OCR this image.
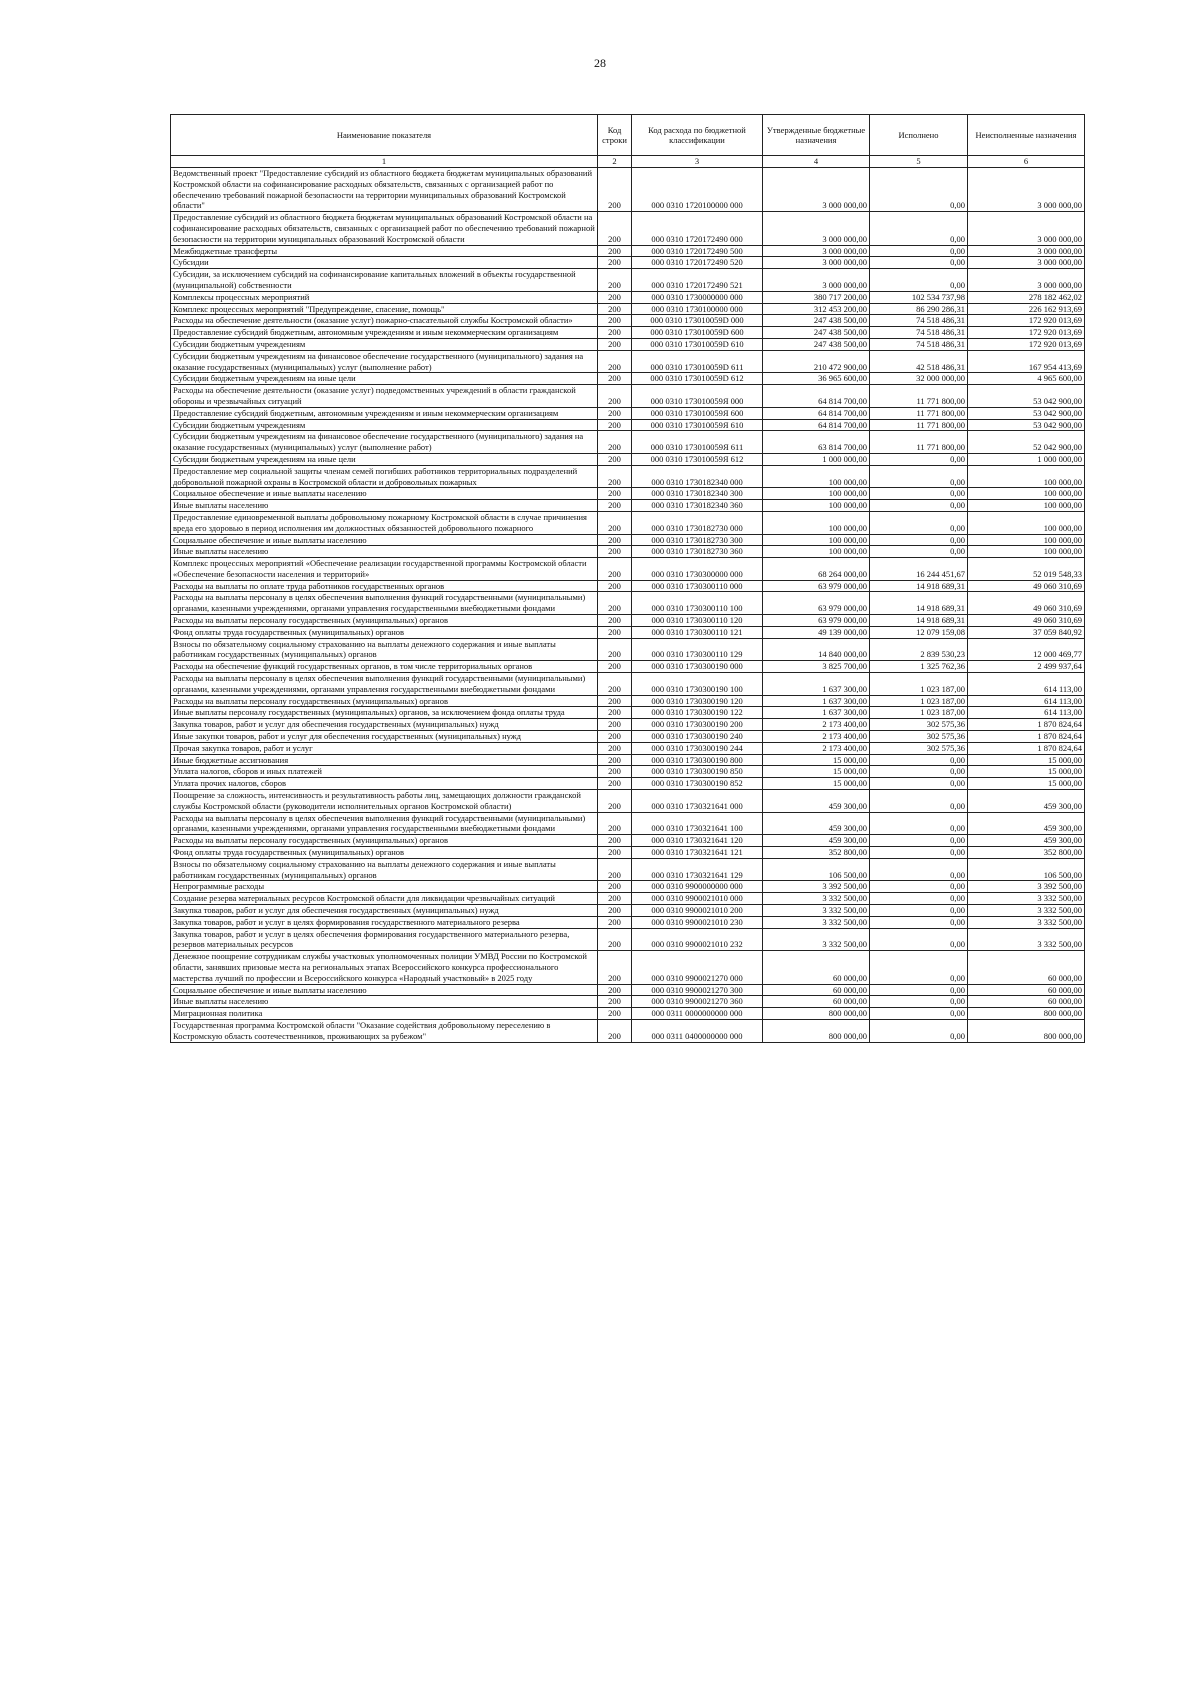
28
Наименование показателя	Код строки	Код расхода по бюджетной классификации	Утвержденные бюджетные назначения	Исполнено	Неисполненные назначения
1	2	3	4	5	6
Ведомственный проект "Предоставление субсидий из областного бюджета бюджетам муниципальных образований Костромской области на софинансирование расходных обязательств, связанных с организацией работ по обеспечению требований пожарной безопасности на территории муниципальных образований Костромской области"	200	000 0310 1720100000 000	3 000 000,00	0,00	3 000 000,00
Предоставление субсидий из областного бюджета бюджетам муниципальных образований Костромской области на софинансирование расходных обязательств, связанных с организацией работ по обеспечению требований пожарной безопасности на территории муниципальных образований Костромской области	200	000 0310 1720172490 000	3 000 000,00	0,00	3 000 000,00
Межбюджетные трансферты	200	000 0310 1720172490 500	3 000 000,00	0,00	3 000 000,00
Субсидии	200	000 0310 1720172490 520	3 000 000,00	0,00	3 000 000,00
Субсидии, за исключением субсидий на софинансирование капитальных вложений в объекты государственной (муниципальной) собственности	200	000 0310 1720172490 521	3 000 000,00	0,00	3 000 000,00
Комплексы процессных мероприятий	200	000 0310 1730000000 000	380 717 200,00	102 534 737,98	278 182 462,02
Комплекс процессных мероприятий "Предупреждение, спасение, помощь"	200	000 0310 1730100000 000	312 453 200,00	86 290 286,31	226 162 913,69
Расходы на обеспечение деятельности (оказание услуг) пожарно-спасательной службы Костромской области»	200	000 0310 173010059D 000	247 438 500,00	74 518 486,31	172 920 013,69
Предоставление субсидий бюджетным, автономным учреждениям и иным некоммерческим организациям	200	000 0310 173010059D 600	247 438 500,00	74 518 486,31	172 920 013,69
Субсидии бюджетным учреждениям	200	000 0310 173010059D 610	247 438 500,00	74 518 486,31	172 920 013,69
Субсидии бюджетным учреждениям на финансовое обеспечение государственного (муниципального) задания на оказание государственных (муниципальных) услуг (выполнение работ)	200	000 0310 173010059D 611	210 472 900,00	42 518 486,31	167 954 413,69
Субсидии бюджетным учреждениям на иные цели	200	000 0310 173010059D 612	36 965 600,00	32 000 000,00	4 965 600,00
Расходы на обеспечение деятельности (оказание услуг) подведомственных учреждений в области гражданской обороны и чрезвычайных ситуаций	200	000 0310 173010059Я 000	64 814 700,00	11 771 800,00	53 042 900,00
Предоставление субсидий бюджетным, автономным учреждениям и иным некоммерческим организациям	200	000 0310 173010059Я 600	64 814 700,00	11 771 800,00	53 042 900,00
Субсидии бюджетным учреждениям	200	000 0310 173010059Я 610	64 814 700,00	11 771 800,00	53 042 900,00
Субсидии бюджетным учреждениям на финансовое обеспечение государственного (муниципального) задания на оказание государственных (муниципальных) услуг (выполнение работ)	200	000 0310 173010059Я 611	63 814 700,00	11 771 800,00	52 042 900,00
Субсидии бюджетным учреждениям на иные цели	200	000 0310 173010059Я 612	1 000 000,00	0,00	1 000 000,00
Предоставление мер социальной защиты членам семей погибших работников территориальных подразделений добровольной пожарной охраны в Костромской области и добровольных пожарных	200	000 0310 1730182340 000	100 000,00	0,00	100 000,00
Социальное обеспечение и иные выплаты населению	200	000 0310 1730182340 300	100 000,00	0,00	100 000,00
Иные выплаты населению	200	000 0310 1730182340 360	100 000,00	0,00	100 000,00
Предоставление единовременной выплаты добровольному пожарному Костромской области в случае причинения вреда его здоровью в период исполнения им должностных обязанностей добровольного пожарного	200	000 0310 1730182730 000	100 000,00	0,00	100 000,00
Социальное обеспечение и иные выплаты населению	200	000 0310 1730182730 300	100 000,00	0,00	100 000,00
Иные выплаты населению	200	000 0310 1730182730 360	100 000,00	0,00	100 000,00
Комплекс процессных мероприятий «Обеспечение реализации государственной программы Костромской области «Обеспечение безопасности населения и территорий»	200	000 0310 1730300000 000	68 264 000,00	16 244 451,67	52 019 548,33
Расходы на выплаты по оплате труда работников государственных органов	200	000 0310 1730300110 000	63 979 000,00	14 918 689,31	49 060 310,69
Расходы на выплаты персоналу в целях обеспечения выполнения функций государственными (муниципальными) органами, казенными учреждениями, органами управления государственными внебюджетными фондами	200	000 0310 1730300110 100	63 979 000,00	14 918 689,31	49 060 310,69
Расходы на выплаты персоналу государственных (муниципальных) органов	200	000 0310 1730300110 120	63 979 000,00	14 918 689,31	49 060 310,69
Фонд оплаты труда государственных (муниципальных) органов	200	000 0310 1730300110 121	49 139 000,00	12 079 159,08	37 059 840,92
Взносы по обязательному социальному страхованию на выплаты денежного содержания и иные выплаты работникам государственных (муниципальных) органов	200	000 0310 1730300110 129	14 840 000,00	2 839 530,23	12 000 469,77
Расходы на обеспечение функций государственных органов, в том числе территориальных органов	200	000 0310 1730300190 000	3 825 700,00	1 325 762,36	2 499 937,64
Расходы на выплаты персоналу в целях обеспечения выполнения функций государственными (муниципальными) органами, казенными учреждениями, органами управления государственными внебюджетными фондами	200	000 0310 1730300190 100	1 637 300,00	1 023 187,00	614 113,00
Расходы на выплаты персоналу государственных (муниципальных) органов	200	000 0310 1730300190 120	1 637 300,00	1 023 187,00	614 113,00
Иные выплаты персоналу государственных (муниципальных) органов, за исключением фонда оплаты труда	200	000 0310 1730300190 122	1 637 300,00	1 023 187,00	614 113,00
Закупка товаров, работ и услуг для обеспечения государственных (муниципальных) нужд	200	000 0310 1730300190 200	2 173 400,00	302 575,36	1 870 824,64
Иные закупки товаров, работ и услуг для обеспечения государственных (муниципальных) нужд	200	000 0310 1730300190 240	2 173 400,00	302 575,36	1 870 824,64
Прочая закупка товаров, работ и услуг	200	000 0310 1730300190 244	2 173 400,00	302 575,36	1 870 824,64
Иные бюджетные ассигнования	200	000 0310 1730300190 800	15 000,00	0,00	15 000,00
Уплата налогов, сборов и иных платежей	200	000 0310 1730300190 850	15 000,00	0,00	15 000,00
Уплата прочих налогов, сборов	200	000 0310 1730300190 852	15 000,00	0,00	15 000,00
Поощрение за сложность, интенсивность и результативность работы лиц, замещающих должности гражданской службы Костромской области (руководители исполнительных органов Костромской области)	200	000 0310 1730321641 000	459 300,00	0,00	459 300,00
Расходы на выплаты персоналу в целях обеспечения выполнения функций государственными (муниципальными) органами, казенными учреждениями, органами управления государственными внебюджетными фондами	200	000 0310 1730321641 100	459 300,00	0,00	459 300,00
Расходы на выплаты персоналу государственных (муниципальных) органов	200	000 0310 1730321641 120	459 300,00	0,00	459 300,00
Фонд оплаты труда государственных (муниципальных) органов	200	000 0310 1730321641 121	352 800,00	0,00	352 800,00
Взносы по обязательному социальному страхованию на выплаты денежного содержания и иные выплаты работникам государственных (муниципальных) органов	200	000 0310 1730321641 129	106 500,00	0,00	106 500,00
Непрограммные расходы	200	000 0310 9900000000 000	3 392 500,00	0,00	3 392 500,00
Создание резерва материальных ресурсов Костромской области для ликвидации чрезвычайных ситуаций	200	000 0310 9900021010 000	3 332 500,00	0,00	3 332 500,00
Закупка товаров, работ и услуг для обеспечения государственных (муниципальных) нужд	200	000 0310 9900021010 200	3 332 500,00	0,00	3 332 500,00
Закупка товаров, работ и услуг в целях формирования государственного материального резерва	200	000 0310 9900021010 230	3 332 500,00	0,00	3 332 500,00
Закупка товаров, работ и услуг в целях обеспечения формирования государственного материального резерва, резервов материальных ресурсов	200	000 0310 9900021010 232	3 332 500,00	0,00	3 332 500,00
Денежное поощрение сотрудникам службы участковых уполномоченных полиции УМВД России по Костромской области, занявших призовые места на региональных этапах Всероссийского конкурса профессионального мастерства лучший по профессии и Всероссийского конкурса «Народный участковый» в 2025 году	200	000 0310 9900021270 000	60 000,00	0,00	60 000,00
Социальное обеспечение и иные выплаты населению	200	000 0310 9900021270 300	60 000,00	0,00	60 000,00
Иные выплаты населению	200	000 0310 9900021270 360	60 000,00	0,00	60 000,00
Миграционная политика	200	000 0311 0000000000 000	800 000,00	0,00	800 000,00
Государственная программа Костромской области "Оказание содействия добровольному переселению в Костромскую область соотечественников, проживающих за рубежом"	200	000 0311 0400000000 000	800 000,00	0,00	800 000,00
